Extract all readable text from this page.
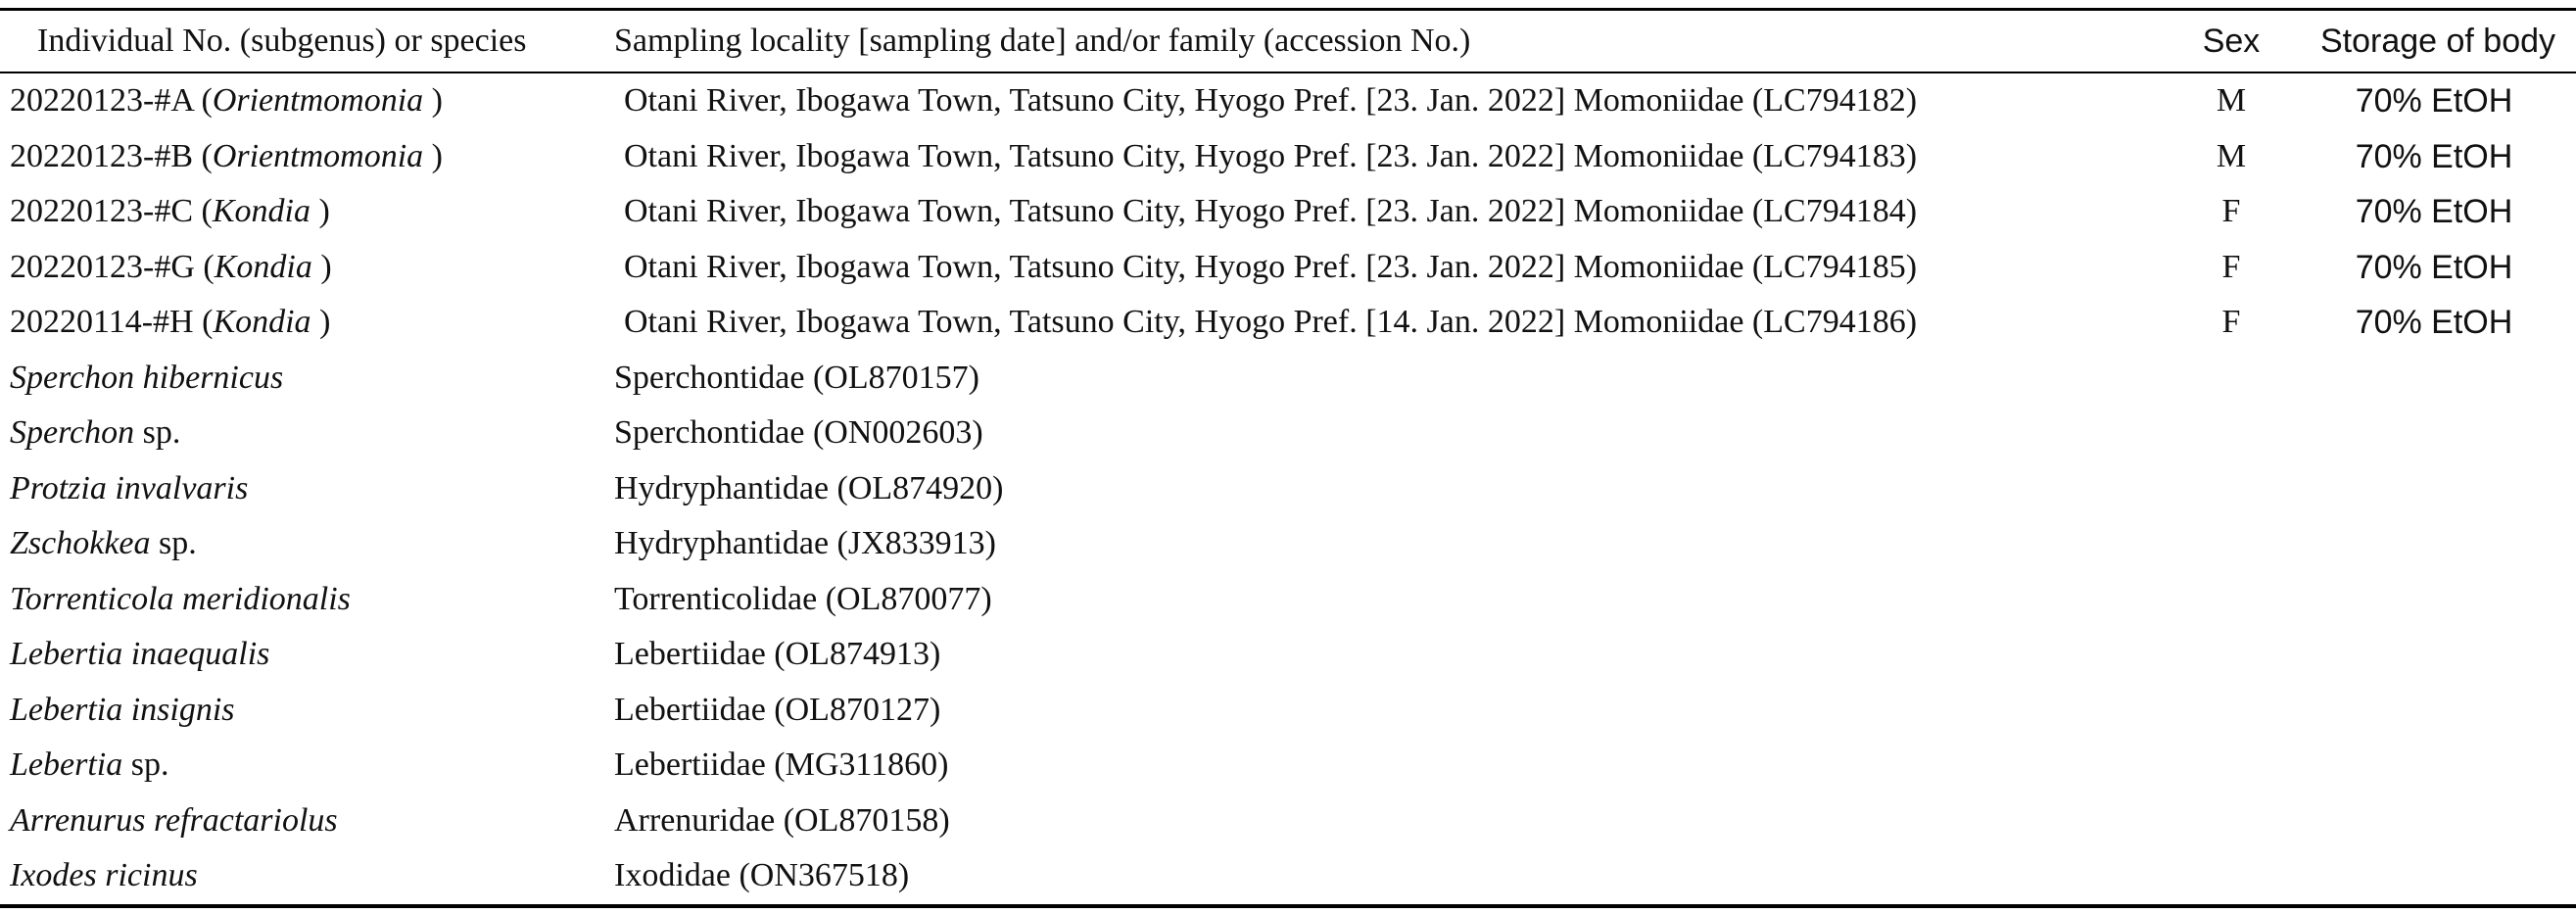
Individual No. (subgenus) or species	Sampling locality [sampling date] and/or family (accession No.)	Sex	Storage of body
20220123-#A (Orientmomonia )	Otani River, Ibogawa Town, Tatsuno City, Hyogo Pref. [23. Jan. 2022] Momoniidae (LC794182)	M	70% EtOH
20220123-#B (Orientmomonia )	Otani River, Ibogawa Town, Tatsuno City, Hyogo Pref. [23. Jan. 2022] Momoniidae (LC794183)	M	70% EtOH
20220123-#C (Kondia )	Otani River, Ibogawa Town, Tatsuno City, Hyogo Pref. [23. Jan. 2022] Momoniidae (LC794184)	F	70% EtOH
20220123-#G (Kondia )	Otani River, Ibogawa Town, Tatsuno City, Hyogo Pref. [23. Jan. 2022] Momoniidae (LC794185)	F	70% EtOH
20220114-#H (Kondia )	Otani River, Ibogawa Town, Tatsuno City, Hyogo Pref. [14. Jan. 2022] Momoniidae (LC794186)	F	70% EtOH
Sperchon hibernicus	Sperchontidae (OL870157)
Sperchon sp.	Sperchontidae (ON002603)
Protzia invalvaris	Hydryphantidae (OL874920)
Zschokkea sp.	Hydryphantidae (JX833913)
Torrenticola meridionalis	Torrenticolidae (OL870077)
Lebertia inaequalis	Lebertiidae (OL874913)
Lebertia insignis	Lebertiidae (OL870127)
Lebertia sp.	Lebertiidae (MG311860)
Arrenurus refractariolus	Arrenuridae (OL870158)
Ixodes ricinus	Ixodidae (ON367518)
